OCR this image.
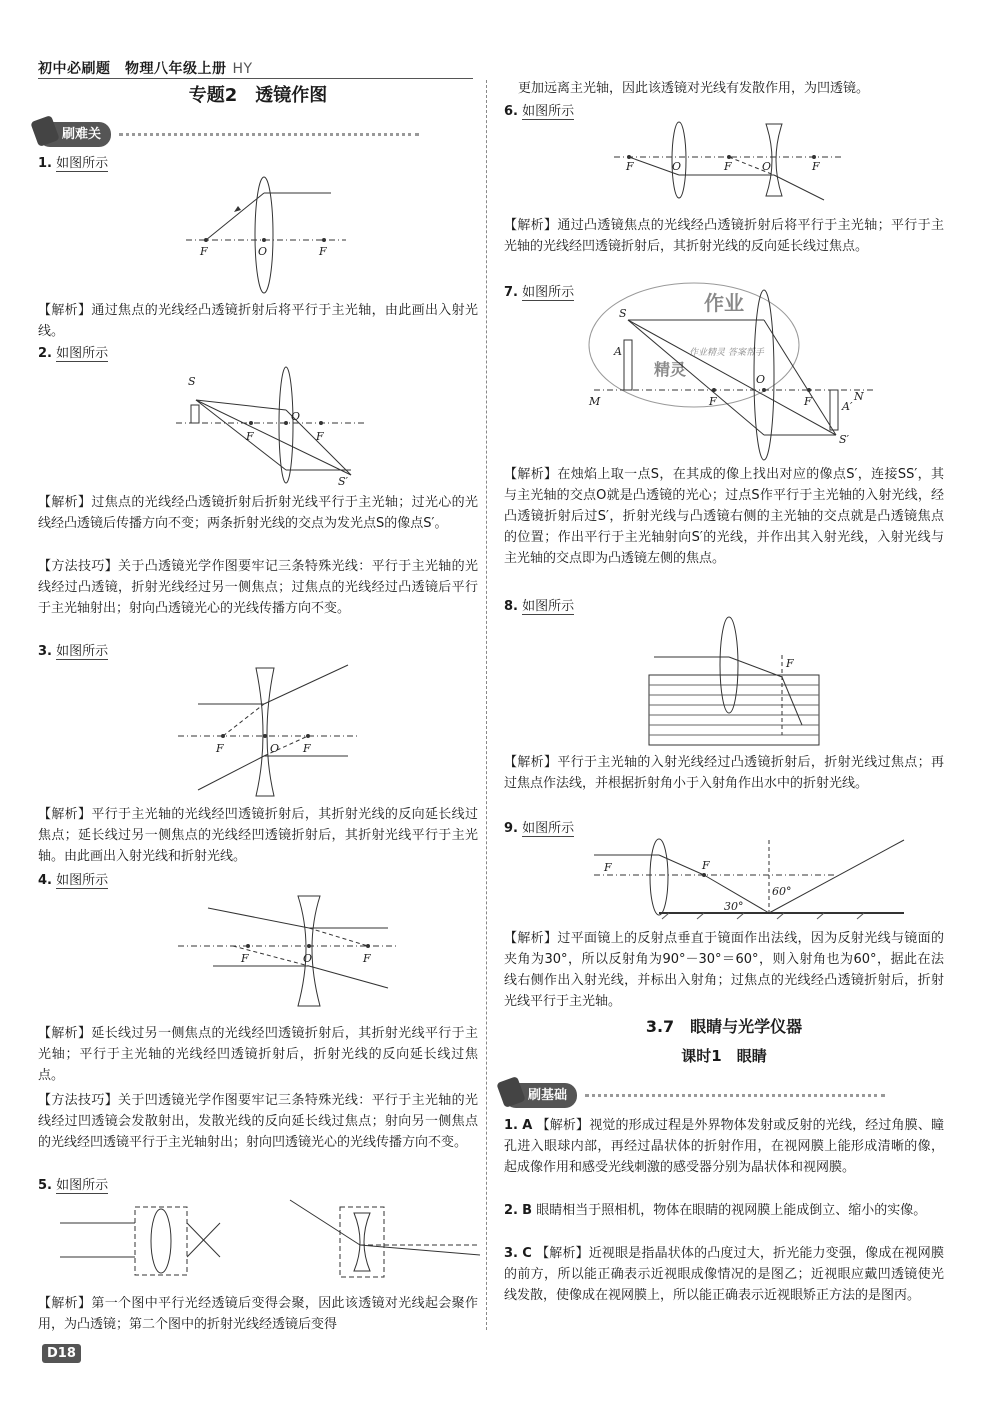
初中必刷题　物理八年级上册 HY
专题2　透镜作图
刷难关
1. 如图所示
F	O	F
【解析】通过焦点的光线经凸透镜折射后将平行于主光轴，由此画出入射光线。
2. 如图所示
S
F
O
F
S′
【解析】过焦点的光线经凸透镜折射后折射光线平行于主光轴；过光心的光线经凸透镜后传播方向不变；两条折射光线的交点为发光点S的像点S′。
【方法技巧】关于凸透镜光学作图要牢记三条特殊光线：平行于主光轴的光线经过凸透镜，折射光线经过另一侧焦点；过焦点的光线经过凸透镜后平行于主光轴射出；射向凸透镜光心的光线传播方向不变。
3. 如图所示
F	O F
【解析】平行于主光轴的光线经凹透镜折射后，其折射光线的反向延长线过焦点；延长线过另一侧焦点的光线经凹透镜折射后，其折射光线平行于主光轴。由此画出入射光线和折射光线。
4. 如图所示
F	O	F
【解析】延长线过另一侧焦点的光线经凹透镜折射后，其折射光线平行于主光轴；平行于主光轴的光线经凹透镜折射后，折射光线的反向延长线过焦点。
【方法技巧】关于凹透镜光学作图要牢记三条特殊光线：平行于主光轴的光线经过凹透镜会发散射出，发散光线的反向延长线过焦点；射向另一侧焦点的光线经凹透镜平行于主光轴射出；射向凹透镜光心的光线传播方向不变。
5. 如图所示
【解析】第一个图中平行光经透镜后变得会聚，因此该透镜对光线起会聚作用，为凸透镜；第二个图中的折射光线经透镜后变得
更加远离主光轴，因此该透镜对光线有发散作用，为凹透镜。
6. 如图所示
F	O	F	O	F
【解析】通过凸透镜焦点的光线经凸透镜折射后将平行于主光轴；平行于主光轴的光线经凹透镜折射后，其折射光线的反向延长线过焦点。
7. 如图所示	作业
精灵
作业精灵 答案帮手
S
A
M	F
O
F	A′
N
S′
【解析】在烛焰上取一点S，在其成的像上找出对应的像点S′，连接SS′，其与主光轴的交点O就是凸透镜的光心；过点S作平行于主光轴的入射光线，经凸透镜折射后过S′，折射光线与凸透镜右侧的主光轴的交点就是凸透镜焦点的位置；作出平行于主光轴射向S′的光线，并作出其入射光线，入射光线与主光轴的交点即为凸透镜左侧的焦点。
8. 如图所示
F
【解析】平行于主光轴的入射光线经过凸透镜折射后，折射光线过焦点；再过焦点作法线，并根据折射角小于入射角作出水中的折射光线。
9. 如图所示
F	F
30°
60°
【解析】过平面镜上的反射点垂直于镜面作出法线，因为反射光线与镜面的夹角为30°，所以反射角为90°－30°＝60°，则入射角也为60°，据此在法线右侧作出入射光线，并标出入射角；过焦点的光线经凸透镜折射后，折射光线平行于主光轴。
3.7　眼睛与光学仪器
课时1　眼睛
刷基础
1. A 【解析】视觉的形成过程是外界物体发射或反射的光线，经过角膜、瞳孔进入眼球内部，再经过晶状体的折射作用，在视网膜上能形成清晰的像，起成像作用和感受光线刺激的感受器分别为晶状体和视网膜。
2. B 眼睛相当于照相机，物体在眼睛的视网膜上能成倒立、缩小的实像。
3. C 【解析】近视眼是指晶状体的凸度过大，折光能力变强，像成在视网膜的前方，所以能正确表示近视眼成像情况的是图乙；近视眼应戴凹透镜使光线发散，使像成在视网膜上，所以能正确表示近视眼矫正方法的是图丙。
D18
